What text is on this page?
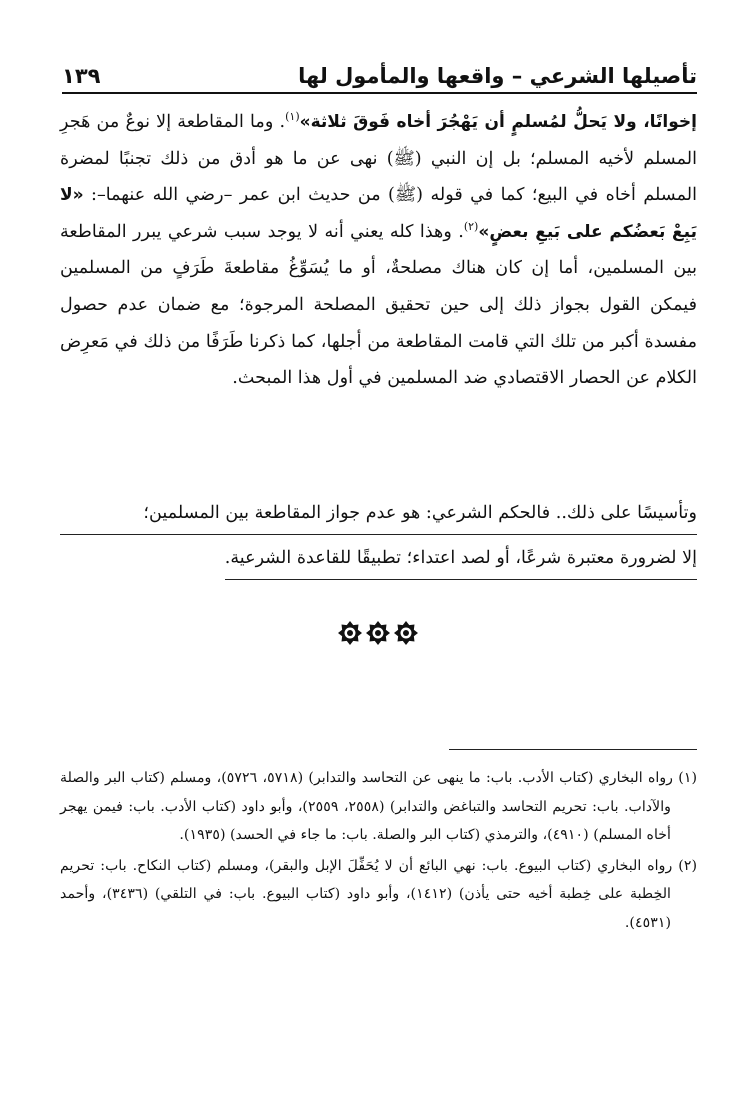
تأصيلها الشرعي – واقعها والمأمول لها
١٣٩

إخوانًا، ولا يَحلُّ لمُسلمٍ أن يَهْجُرَ أخاه فَوقَ ثلاثة»$^{(١)}$. وما المقاطعة إلا نوعٌ من هَجرِ المسلم لأخيه المسلم؛ بل إن النبي (ﷺ) نهى عن ما هو أدق من ذلك تجنبًا لمضرة المسلم أخاه في البيع؛ كما في قوله (ﷺ) من حديث ابن عمر –رضي الله عنهما–: «لا يَبِعْ بَعضُكم على بَيعِ بعضٍ»$^{(٢)}$. وهذا كله يعني أنه لا يوجد سبب شرعي يبرر المقاطعة بين المسلمين، أما إن كان هناك مصلحةٌ، أو ما يُسَوِّغُ مقاطعةَ طَرَفٍ من المسلمين فيمكن القول بجواز ذلك إلى حين تحقيق المصلحة المرجوة؛ مع ضمان عدم حصول مفسدة أكبر من تلك التي قامت المقاطعة من أجلها، كما ذكرنا طَرَفًا من ذلك في مَعرِض الكلام عن الحصار الاقتصادي ضد المسلمين في أول هذا المبحث.

وتأسيسًا على ذلك.. فالحكم الشرعي: هو عدم جواز المقاطعة بين المسلمين؛
إلا لضرورة معتبرة شرعًا، أو لصد اعتداء؛ تطبيقًا للقاعدة الشرعية.

(١) رواه البخاري (كتاب الأدب. باب: ما ينهى عن التحاسد والتدابر) (٥٧١٨، ٥٧٢٦)، ومسلم (كتاب البر والصلة والآداب. باب: تحريم التحاسد والتباغض والتدابر) (٢٥٥٨، ٢٥٥٩)، وأبو داود (كتاب الأدب. باب: فيمن يهجر أخاه المسلم) (٤٩١٠)، والترمذي (كتاب البر والصلة. باب: ما جاء في الحسد) (١٩٣٥).

(٢) رواه البخاري (كتاب البيوع. باب: نهي البائع أن لا يُحَفِّلَ الإبل والبقر)، ومسلم (كتاب النكاح. باب: تحريم الخِطبة على خِطبة أخيه حتى يأذن) (١٤١٢)، وأبو داود (كتاب البيوع. باب: في التلقي) (٣٤٣٦)، وأحمد (٤٥٣١).
